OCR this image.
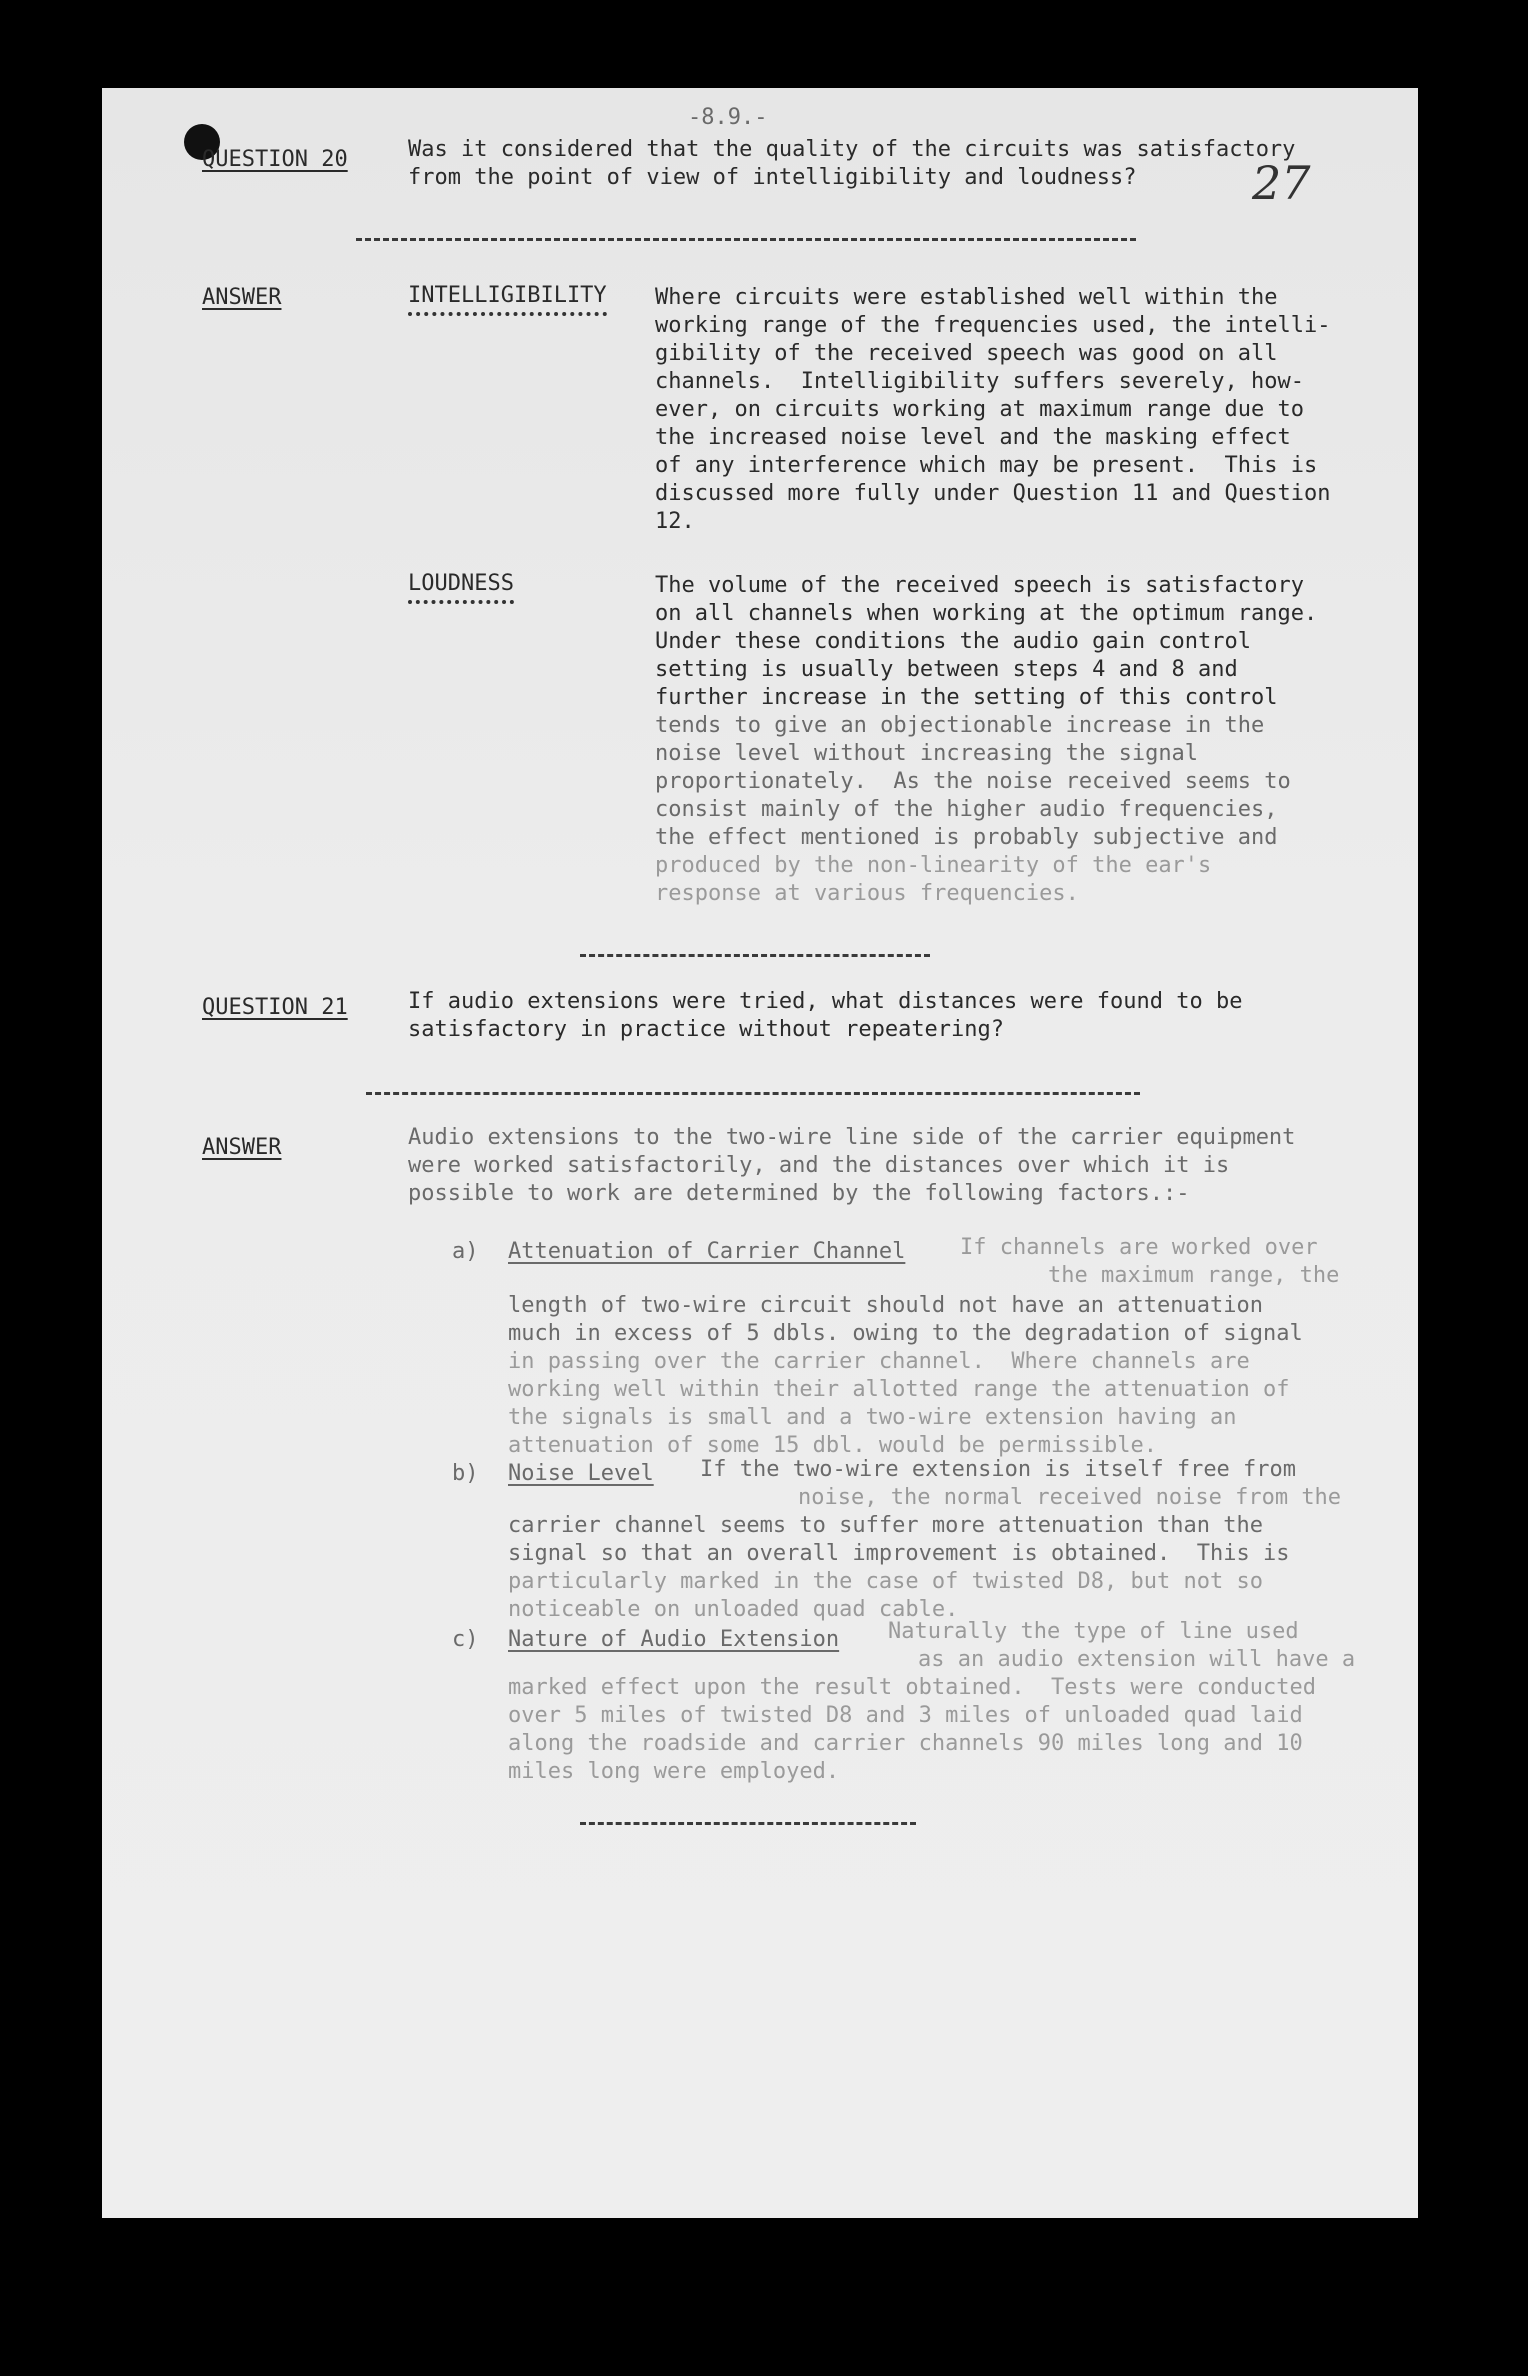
-8.9.-
27
QUESTION 20	Was it considered that the quality of the circuits was satisfactory
from the point of view of intelligibility and loudness?
ANSWER	INTELLIGIBILITY Where circuits were established well within the
working range of the frequencies used, the intelli-
gibility of the received speech was good on all
channels.  Intelligibility suffers severely, how-
ever, on circuits working at maximum range due to
the increased noise level and the masking effect
of any interference which may be present.  This is
discussed more fully under Question 11 and Question
12.
LOUDNESS	The volume of the received speech is satisfactory
on all channels when working at the optimum range.
Under these conditions the audio gain control
setting is usually between steps 4 and 8 and
further increase in the setting of this control
tends to give an objectionable increase in the
noise level without increasing the signal
proportionately.  As the noise received seems to
consist mainly of the higher audio frequencies,
the effect mentioned is probably subjective and
produced by the non-linearity of the ear's
response at various frequencies.
QUESTION 21	If audio extensions were tried, what distances were found to be
satisfactory in practice without repeatering?
ANSWER	Audio extensions to the two-wire line side of the carrier equipment
were worked satisfactorily, and the distances over which it is
possible to work are determined by the following factors.:-
a) Attenuation of Carrier Channel If channels are worked over
the maximum range, the
length of two-wire circuit should not have an attenuation
much in excess of 5 dbls. owing to the degradation of signal
in passing over the carrier channel.  Where channels are
working well within their allotted range the attenuation of
the signals is small and a two-wire extension having an
attenuation of some 15 dbl. would be permissible.
b) Noise Level If the two-wire extension is itself free from
noise, the normal received noise from the
carrier channel seems to suffer more attenuation than the
signal so that an overall improvement is obtained.  This is
particularly marked in the case of twisted D8, but not so
noticeable on unloaded quad cable.
c) Nature of Audio Extension Naturally the type of line used
as an audio extension will have a
marked effect upon the result obtained.  Tests were conducted
over 5 miles of twisted D8 and 3 miles of unloaded quad laid
along the roadside and carrier channels 90 miles long and 10
miles long were employed.
